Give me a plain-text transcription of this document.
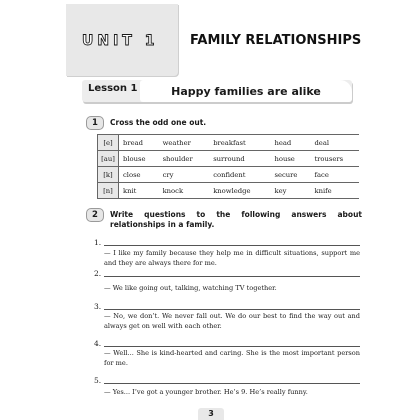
UNIT 1 FAMILY RELATIONSHIPS
Lesson 1	Happy families are alike
1	Cross the odd one out.
[e]	bread	weather	breakfast	head	deal
[au]	blouse	shoulder	surround	house	trousers
[k]	close	cry	confident	secure	face
[n]	knit	knock	knowledge	key	knife
2	Write questions to the following answers about relationships in a family.
1.
— I like my family because they help me in difficult situations, support me and they are always there for me.
2.
— We like going out, talking, watching TV together.
3.
— No, we don’t. We never fall out. We do our best to find the way out and always get on well with each other.
4.
— Well... She is kind-hearted and caring. She is the most important person for me.
5.
— Yes... I’ve got a younger brother. He’s 9. He’s really funny.
3
